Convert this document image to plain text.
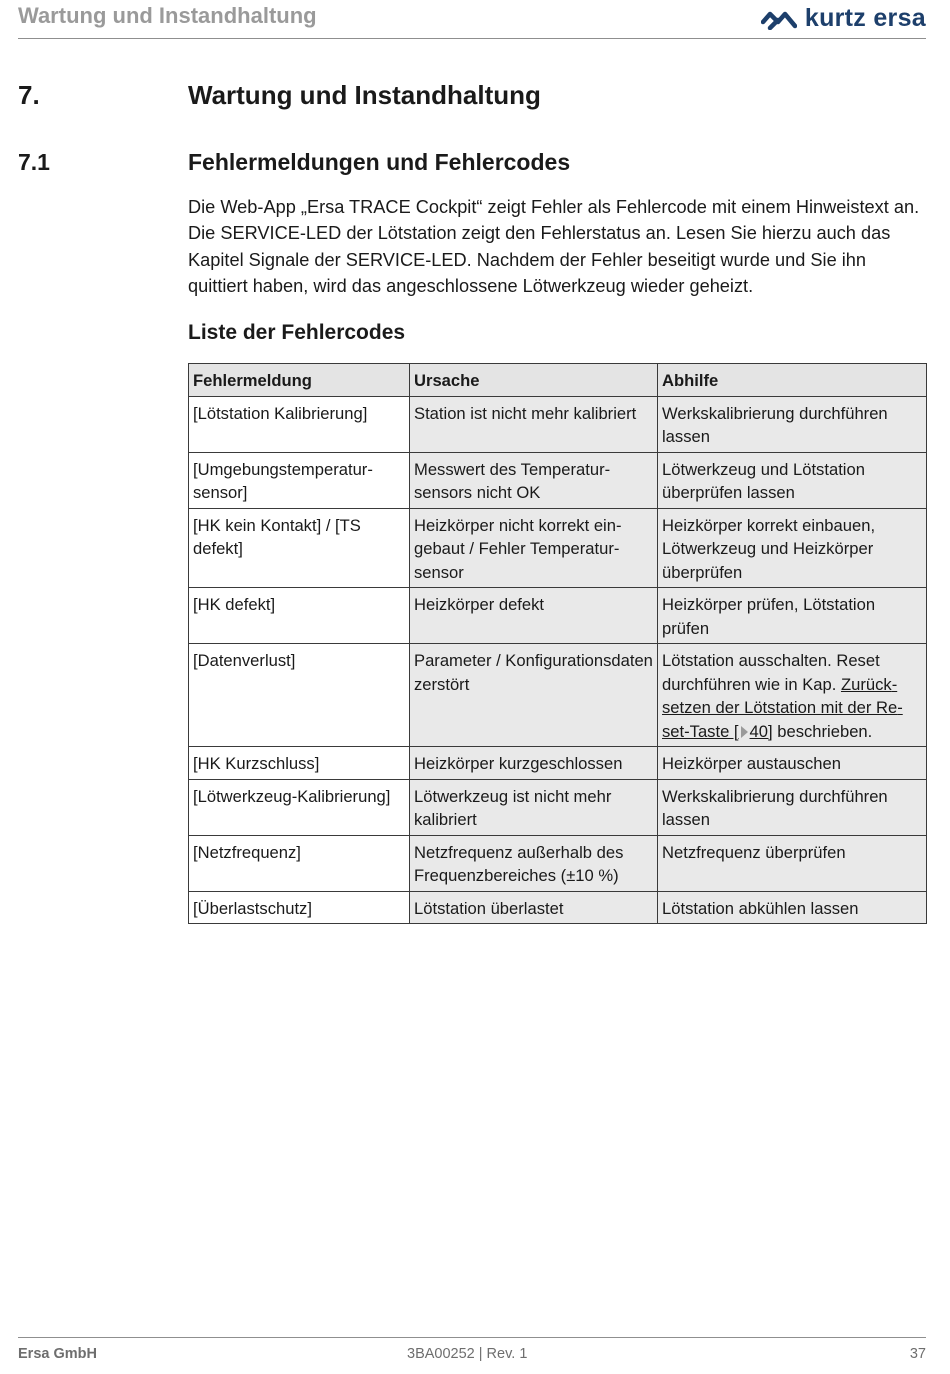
Wartung und Instandhaltung	kurtz ersa
7.	Wartung und Instandhaltung
7.1	Fehlermeldungen und Fehlercodes

Die Web-App „Ersa TRACE Cockpit“ zeigt Fehler als Fehlercode mit einem Hinweistext an. Die SERVICE-LED der Lötstation zeigt den Fehlerstatus an. Lesen Sie hierzu auch das Kapitel Signale der SERVICE-LED. Nachdem der Fehler beseitigt wurde und Sie ihn quittiert haben, wird das angeschlossene Lötwerkzeug wieder geheizt.

Liste der Fehlercodes
Fehlermeldung	Ursache	Abhilfe
[Lötstation Kalibrierung]	Station ist nicht mehr kalibriert	Werkskalibrierung durchführen lassen
[Umgebungstemperatursensor]	Messwert des Temperatursensors nicht OK	Lötwerkzeug und Lötstation überprüfen lassen
[HK kein Kontakt] / [TS defekt]	Heizkörper nicht korrekt eingebaut / Fehler Temperatursensor	Heizkörper korrekt einbauen, Lötwerkzeug und Heizkörper überprüfen
[HK defekt]	Heizkörper defekt	Heizkörper prüfen, Lötstation prüfen
[Datenverlust]	Parameter / Konfigurationsdaten zerstört	Lötstation ausschalten. Reset durchführen wie in Kap. Zurücksetzen der Lötstation mit der Reset-Taste [ 40] beschrieben.
[HK Kurzschluss]	Heizkörper kurzgeschlossen	Heizkörper austauschen
[Lötwerkzeug-Kalibrierung]	Lötwerkzeug ist nicht mehr kalibriert	Werkskalibrierung durchführen lassen
[Netzfrequenz]	Netzfrequenz außerhalb des Frequenzbereiches (±10 %)	Netzfrequenz überprüfen
[Überlastschutz]	Lötstation überlastet	Lötstation abkühlen lassen
Ersa GmbH	3BA00252 | Rev. 1	37
